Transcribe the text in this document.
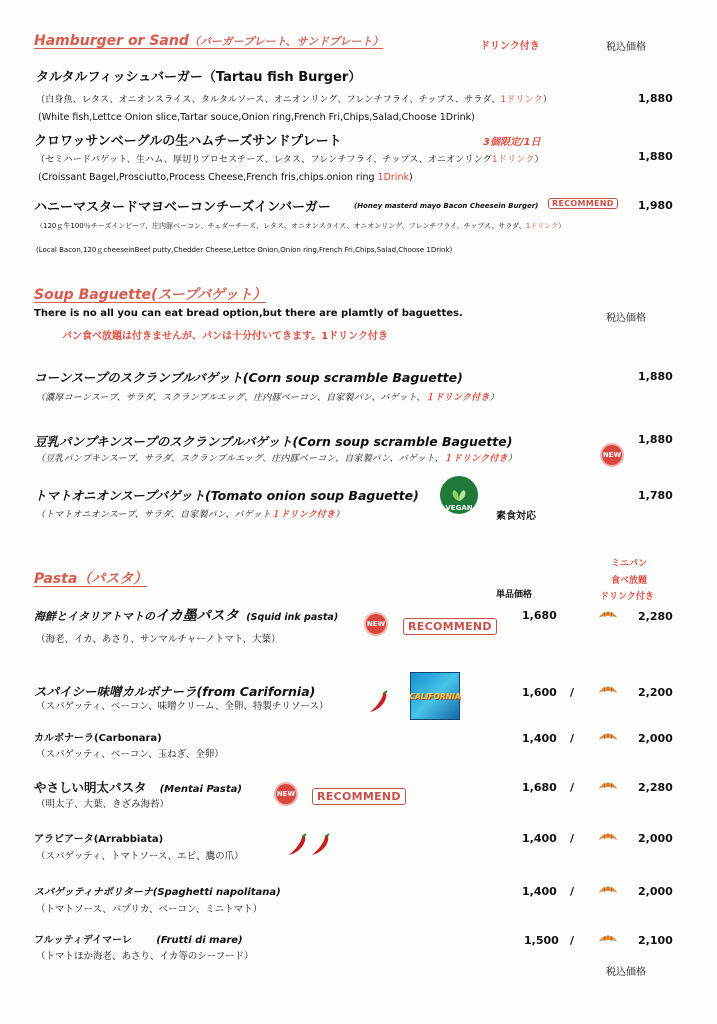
Hamburger or Sand（バーガープレート、サンドプレート）	ドリンク付き	税込価格
タルタルフィッシュバーガー（Tartau fish Burger）
（白身魚、レタス、オニオンスライス、タルタルソース、オニオンリング、フレンチフライ、チップス、サラダ、1ドリンク）	1,880
(White fish,Lettce Onion slice,Tartar souce,Onion ring,French Fri,Chips,Salad,Choose 1Drink)
クロワッサンベーグルの生ハムチーズサンドプレート	3個限定/1日
（セミハードバゲット、生ハム、厚切りプロセスチーズ、レタス、フレンチフライ、チップス、オニオンリング1ドリンク）	1,880
(Croissant Bagel,Prosciutto,Process Cheese,French fris,chips.onion ring 1Drink)
ハニーマスタードマヨベーコンチーズインバーガー	(Honey masterd mayo Bacon Cheesein Burger)	RECOMMEND	1,980
（120ｇ牛100％チーズインビーフ、庄内豚ベーコン、チェダーチーズ、レタス、オニオンスライス、オニオンリング、フレンチフライ、チップス、サラダ、1ドリンク）
(Local Bacon,120ｇcheeseinBeef putty,Chedder Cheese,Lettce Onion,Onion ring,French Fri,Chips,Salad,Choose 1Drink)
Soup Baguette(スープバゲット）
There is no all you can eat bread option,but there are plamtly of baguettes.
パン食べ放題は付きませんが、パンは十分付いてきます。1ドリンク付き
税込価格
コーンスープのスクランブルバゲット(Corn soup scramble Baguette)	1,880
（濃厚コーンスープ、サラダ、スクランブルエッグ、庄内豚ベーコン、自家製パン、バゲット、１ドリンク付き）
豆乳パンプキンスープのスクランブルバゲット(Corn soup scramble Baguette)	1,880
（豆乳パンプキンスープ、サラダ、スクランブルエッグ、庄内豚ベーコン、自家製パン、バゲット、１ドリンク付き）	NEW
トマトオニオンスープバゲット(Tomato onion soup Baguette)	1,780
（トマトオニオンスープ、サラダ、自家製パン、バゲット１ドリンク付き）
VEGAN
素食対応
Pasta（パスタ）
ミニパン
食べ放題
ドリンク付き
単品価格
海鮮とイタリアトマトのイカ墨パスタ (Squid ink pasta)
（海老、イカ、あさり、サンマルチャーノトマト、大葉）
NEW	RECOMMEND
1,680	2,280
スパイシー味噌カルボナーラ(from Carifornia)
（スパゲッティ、ベーコン、味噌クリーム、全卵、特製チリソース）
CALIFORNIA	1,600	2,200
カルボナーラ(Carbonara)
（スパゲッティ、ベーコン、玉ねぎ、全卵）
1,400	2,000
やさしい明太パスタ (Mentai Pasta)
（明太子、大葉、きざみ海苔）
NEW	RECOMMEND
1,680	2,280
アラビアータ(Arrabbiata)
（スパゲッティ、トマトソース、エビ、鷹の爪）
1,400	2,000
スパゲッティナポリターナ(Spaghetti napolitana)
（トマトソース、パプリカ、ベーコン、ミニトマト）
1,400	2,000
フルッティデイマーレ (Frutti di mare)
（トマトほか海老、あさり、イカ等のシーフード）
1,500	2,100
税込価格
/
/
/
/
/
/
